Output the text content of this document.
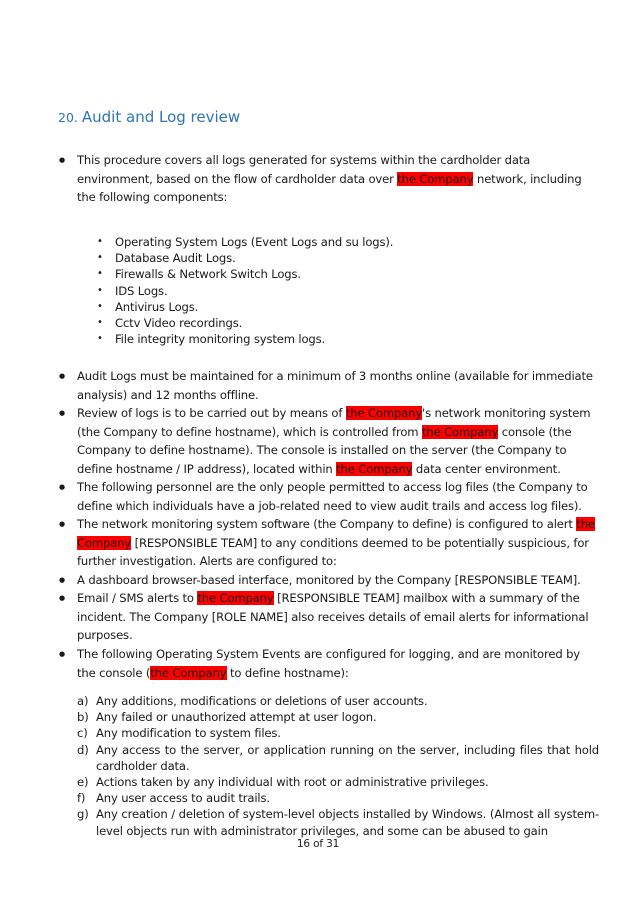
20. Audit and Log review
● This procedure covers all logs generated for systems within the cardholder data environment, based on the flow of cardholder data over the Company network, including the following components:
• Operating System Logs (Event Logs and su logs).
• Database Audit Logs.
• Firewalls & Network Switch Logs.
• IDS Logs.
• Antivirus Logs.
• Cctv Video recordings.
• File integrity monitoring system logs.
● Audit Logs must be maintained for a minimum of 3 months online (available for immediate analysis) and 12 months offline.
● Review of logs is to be carried out by means of the Company's network monitoring system (the Company to define hostname), which is controlled from the Company console (the Company to define hostname). The console is installed on the server (the Company to define hostname / IP address), located within the Company data center environment.
● The following personnel are the only people permitted to access log files (the Company to define which individuals have a job-related need to view audit trails and access log files).
● The network monitoring system software (the Company to define) is configured to alert the Company [RESPONSIBLE TEAM] to any conditions deemed to be potentially suspicious, for further investigation. Alerts are configured to:
● A dashboard browser-based interface, monitored by the Company [RESPONSIBLE TEAM].
● Email / SMS alerts to the Company [RESPONSIBLE TEAM] mailbox with a summary of the incident. The Company [ROLE NAME] also receives details of email alerts for informational purposes.
● The following Operating System Events are configured for logging, and are monitored by the console (the Company to define hostname):
a) Any additions, modifications or deletions of user accounts.
b) Any failed or unauthorized attempt at user logon.
c) Any modification to system files.
d) Any access to the server, or application running on the server, including files that hold cardholder data.
e) Actions taken by any individual with root or administrative privileges.
f) Any user access to audit trails.
g) Any creation / deletion of system-level objects installed by Windows. (Almost all system-level objects run with administrator privileges, and some can be abused to gain
16 of 31
